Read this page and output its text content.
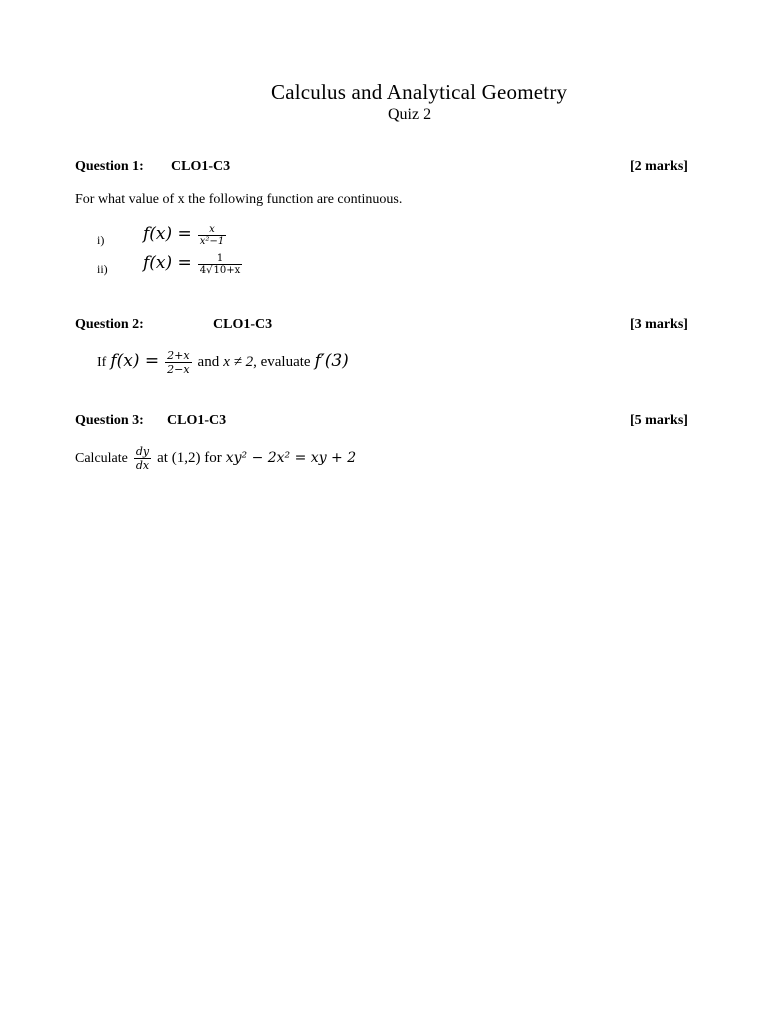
Calculus and Analytical Geometry
Quiz 2
Question 1: CLO1-C3	[2 marks]
For what value of x the following function are continuous.
i) $f(x) = \frac{x}{\text{x²−1}}$
ii) $f(x) = \frac{1}{4√10+x}$
Question 2:	CLO1-C3	[3 marks]
If $f(x) = \frac{2+x}{2-x}$ and x ≠ 2, evaluate f′(3)
Question 3: CLO1-C3	[5 marks]
Calculate $\frac{dy}{dx}$ at (1,2) for xy² − 2x² = xy + 2
